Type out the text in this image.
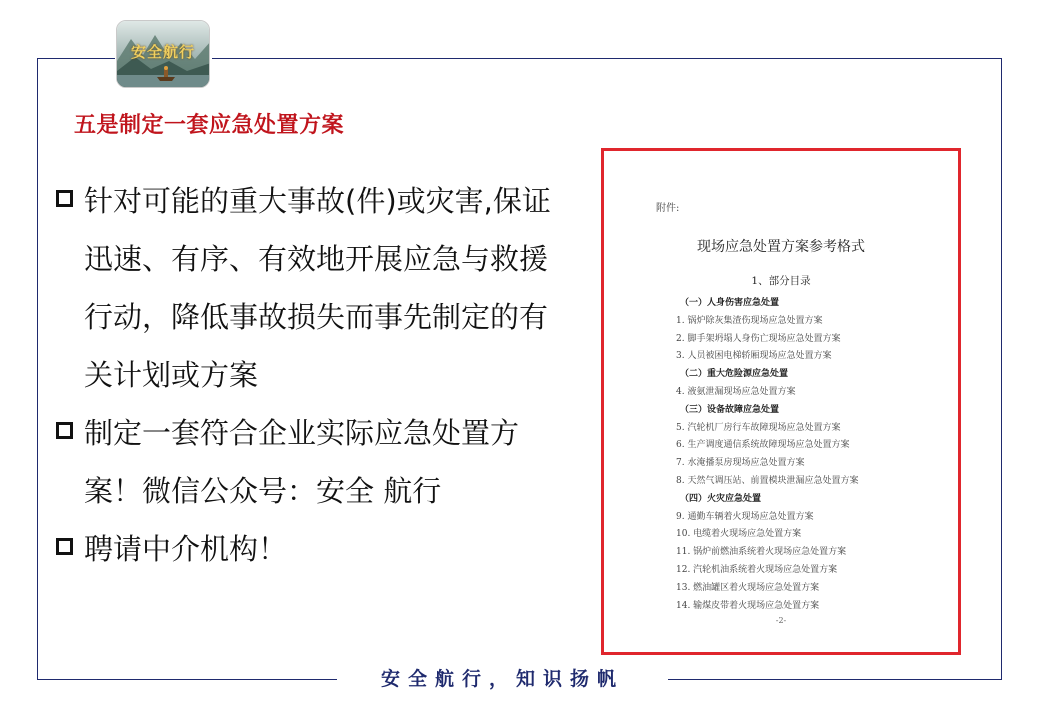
安全航行
五是制定一套应急处置方案
针对可能的重大事故(件)或灾害,保证迅速、有序、有效地开展应急与救援行动，降低事故损失而事先制定的有关计划或方案
制定一套符合企业实际应急处置方案！微信公众号：安全 航行
聘请中介机构！
附件:
现场应急处置方案参考格式
1、部分目录
（一）人身伤害应急处置
1. 锅炉除灰集渣伤现场应急处置方案
2. 脚手架坍塌人身伤亡现场应急处置方案
3. 人员被困电梯轿厢现场应急处置方案
（二）重大危险源应急处置
4. 液氨泄漏现场应急处置方案
（三）设备故障应急处置
5. 汽轮机厂房行车故障现场应急处置方案
6. 生产调度通信系统故障现场应急处置方案
7. 水淹播泵房现场应急处置方案
8. 天然气调压站、前置模块泄漏应急处置方案
（四）火灾应急处置
9. 通勤车辆着火现场应急处置方案
10. 电缆着火现场应急处置方案
11. 锅炉前燃油系统着火现场应急处置方案
12. 汽轮机油系统着火现场应急处置方案
13. 燃油罐区着火现场应急处置方案
14. 输煤皮带着火现场应急处置方案
-2-
安全航行，知识扬帆
